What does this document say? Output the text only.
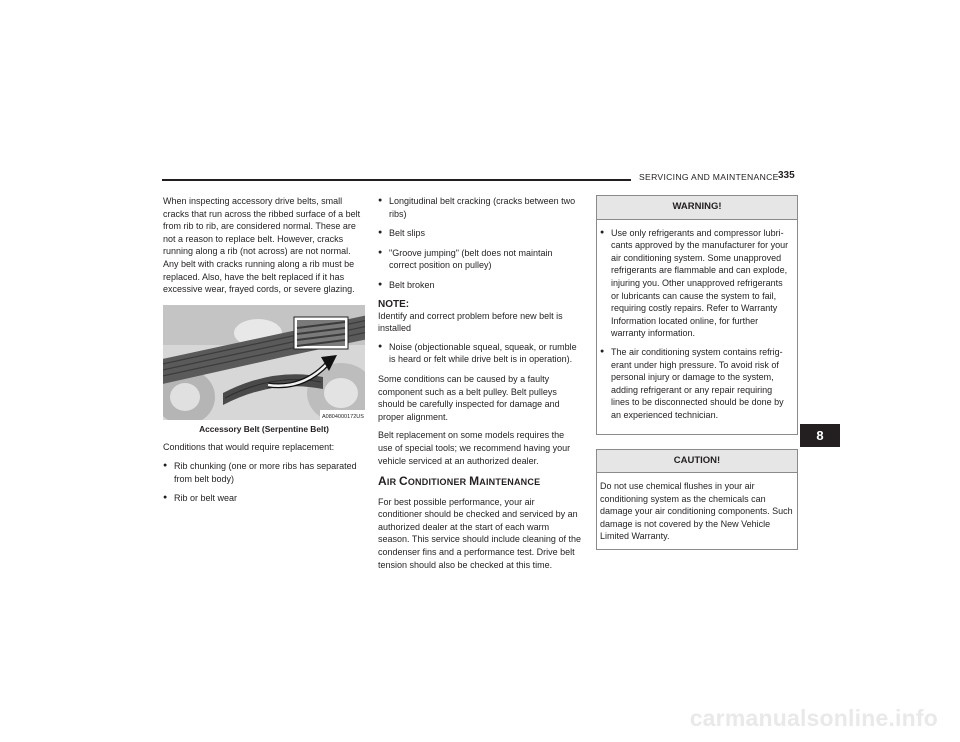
SERVICING AND MAINTENANCE 335

When inspecting accessory drive belts, small cracks that run across the ribbed surface of a belt from rib to rib, are considered normal. These are not a reason to replace belt. However, cracks running along a rib (not across) are not normal. Any belt with cracks running along a rib must be replaced. Also, have the belt replaced if it has excessive wear, frayed cords, or severe glazing.

A0804000172US

Accessory Belt (Serpentine Belt)

Conditions that would require replacement:

● Rib chunking (one or more ribs has separated from belt body)
● Rib or belt wear
● Longitudinal belt cracking (cracks between two ribs)
● Belt slips
● "Groove jumping" (belt does not maintain correct position on pulley)
● Belt broken
NOTE:

Identify and correct problem before new belt is installed

● Noise (objectionable squeal, squeak, or rumble is heard or felt while drive belt is in operation).

Some conditions can be caused by a faulty component such as a belt pulley. Belt pulleys should be carefully inspected for damage and proper alignment.

Belt replacement on some models requires the use of special tools; we recommend having your vehicle serviced at an authorized dealer.

AIR CONDITIONER MAINTENANCE

For best possible performance, your air conditioner should be checked and serviced by an authorized dealer at the start of each warm season. This service should include cleaning of the condenser fins and a performance test. Drive belt tension should also be checked at this time.

WARNING!
● Use only refrigerants and compressor lubri-cants approved by the manufacturer for your air conditioning system. Some unapproved refrigerants are flammable and can explode, injuring you. Other unapproved refrigerants or lubricants can cause the system to fail, requiring costly repairs. Refer to Warranty Information located online, for further warranty information.
● The air conditioning system contains refrig-erant under high pressure. To avoid risk of personal injury or damage to the system, adding refrigerant or any repair requiring lines to be disconnected should be done by an experienced technician.
CAUTION!

Do not use chemical flushes in your air conditioning system as the chemicals can damage your air conditioning components. Such damage is not covered by the New Vehicle Limited Warranty.

8
carmanualsonline.info
